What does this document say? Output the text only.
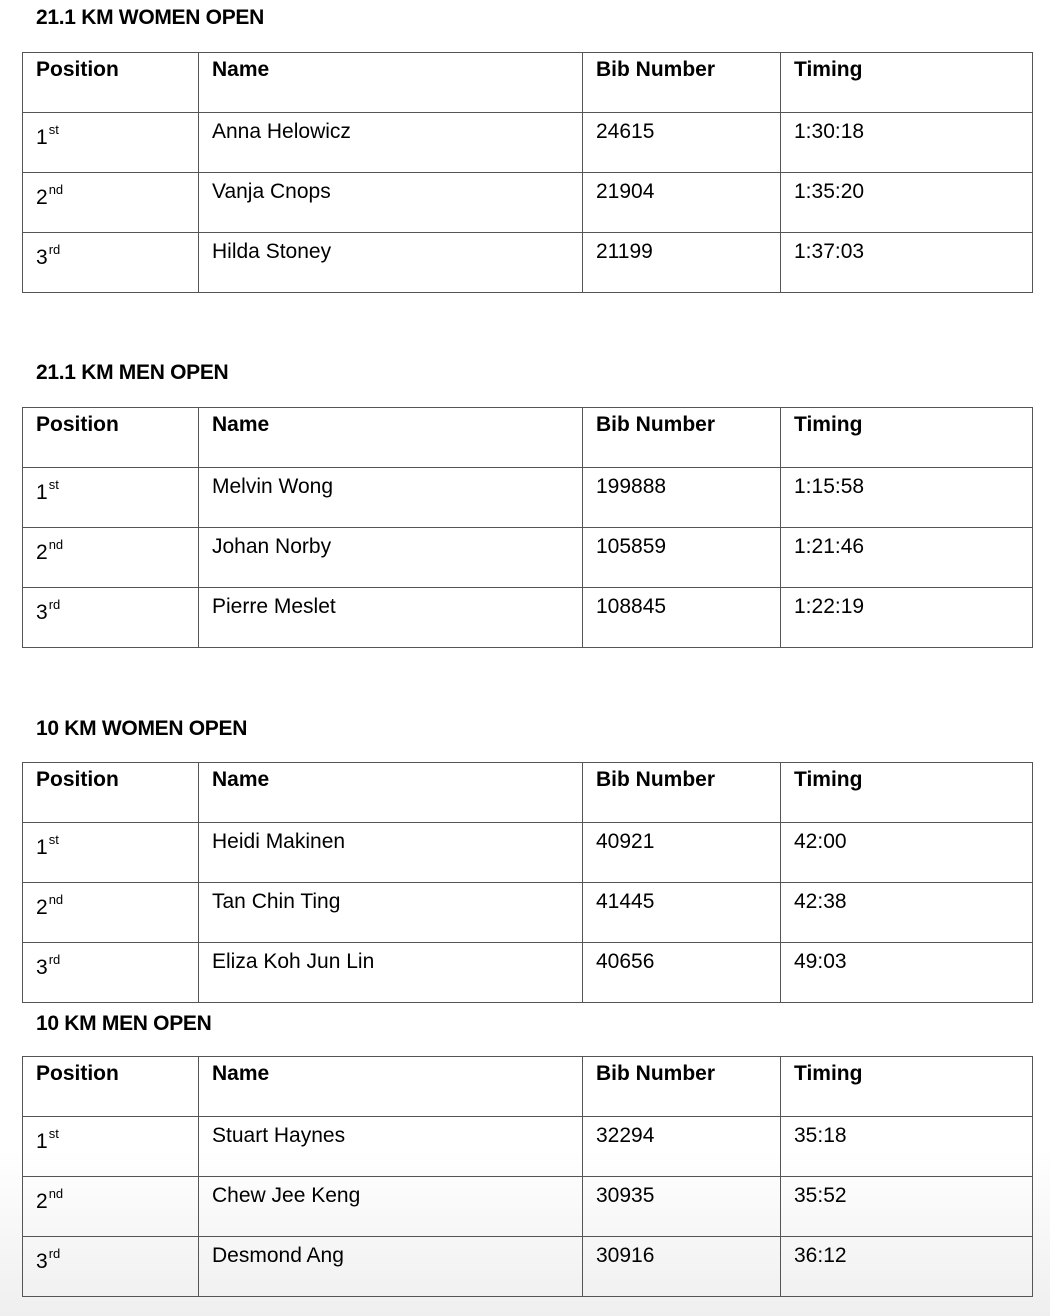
21.1 KM WOMEN OPEN
Position	Name	Bib Number	Timing
1st	Anna Helowicz	24615	1:30:18
2nd	Vanja Cnops	21904	1:35:20
3rd	Hilda Stoney	21199	1:37:03
21.1 KM MEN OPEN
Position	Name	Bib Number	Timing
1st	Melvin Wong	199888	1:15:58
2nd	Johan Norby	105859	1:21:46
3rd	Pierre Meslet	108845	1:22:19
10 KM WOMEN OPEN
Position	Name	Bib Number	Timing
1st	Heidi Makinen	40921	42:00
2nd	Tan Chin Ting	41445	42:38
3rd	Eliza Koh Jun Lin	40656	49:03
10 KM MEN OPEN
Position	Name	Bib Number	Timing
1st	Stuart Haynes	32294	35:18
2nd	Chew Jee Keng	30935	35:52
3rd	Desmond Ang	30916	36:12
